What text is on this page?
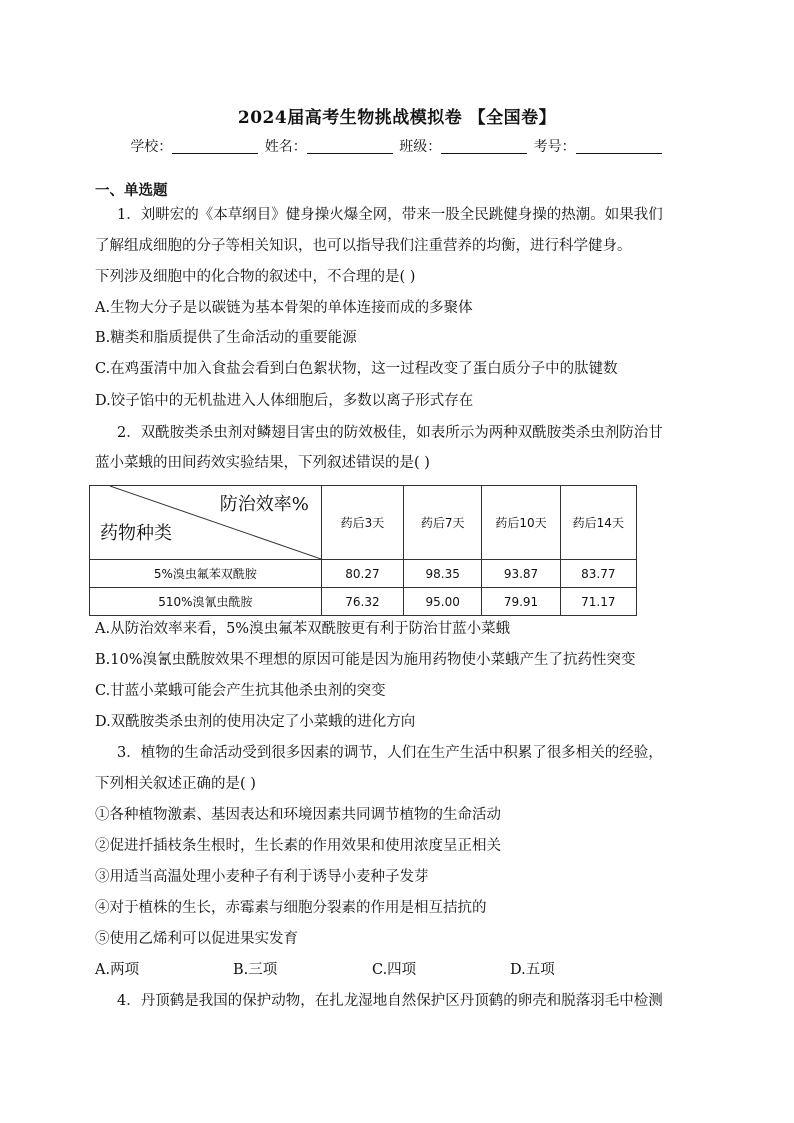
2024届高考生物挑战模拟卷 【全国卷】
学校：	姓名：	班级：	考号：
一、单选题
1．刘畊宏的《本草纲目》健身操火爆全网，带来一股全民跳健身操的热潮。如果我们
了解组成细胞的分子等相关知识，也可以指导我们注重营养的均衡，进行科学健身。
下列涉及细胞中的化合物的叙述中，不合理的是( )
A.生物大分子是以碳链为基本骨架的单体连接而成的多聚体
B.糖类和脂质提供了生命活动的重要能源
C.在鸡蛋清中加入食盐会看到白色絮状物，这一过程改变了蛋白质分子中的肽键数
D.饺子馅中的无机盐进入人体细胞后，多数以离子形式存在
2．双酰胺类杀虫剂对鳞翅目害虫的防效极佳，如表所示为两种双酰胺类杀虫剂防治甘
蓝小菜蛾的田间药效实验结果，下列叙述错误的是( )
防治效率%
药物种类	药后3天	药后7天	药后10天	药后14天
5%溴虫氟苯双酰胺	80.27	98.35	93.87	83.77
510%溴氰虫酰胺	76.32	95.00	79.91	71.17
A.从防治效率来看，5%溴虫氟苯双酰胺更有利于防治甘蓝小菜蛾
B.10%溴氰虫酰胺效果不理想的原因可能是因为施用药物使小菜蛾产生了抗药性突变
C.甘蓝小菜蛾可能会产生抗其他杀虫剂的突变
D.双酰胺类杀虫剂的使用决定了小菜蛾的进化方向
3．植物的生命活动受到很多因素的调节，人们在生产生活中积累了很多相关的经验，
下列相关叙述正确的是( )
①各种植物激素、基因表达和环境因素共同调节植物的生命活动
②促进扦插枝条生根时，生长素的作用效果和使用浓度呈正相关
③用适当高温处理小麦种子有利于诱导小麦种子发芽
④对于植株的生长，赤霉素与细胞分裂素的作用是相互拮抗的
⑤使用乙烯利可以促进果实发育
A.两项	B.三项	C.四项	D.五项
4．丹顶鹤是我国的保护动物，在扎龙湿地自然保护区丹顶鹤的卵壳和脱落羽毛中检测
